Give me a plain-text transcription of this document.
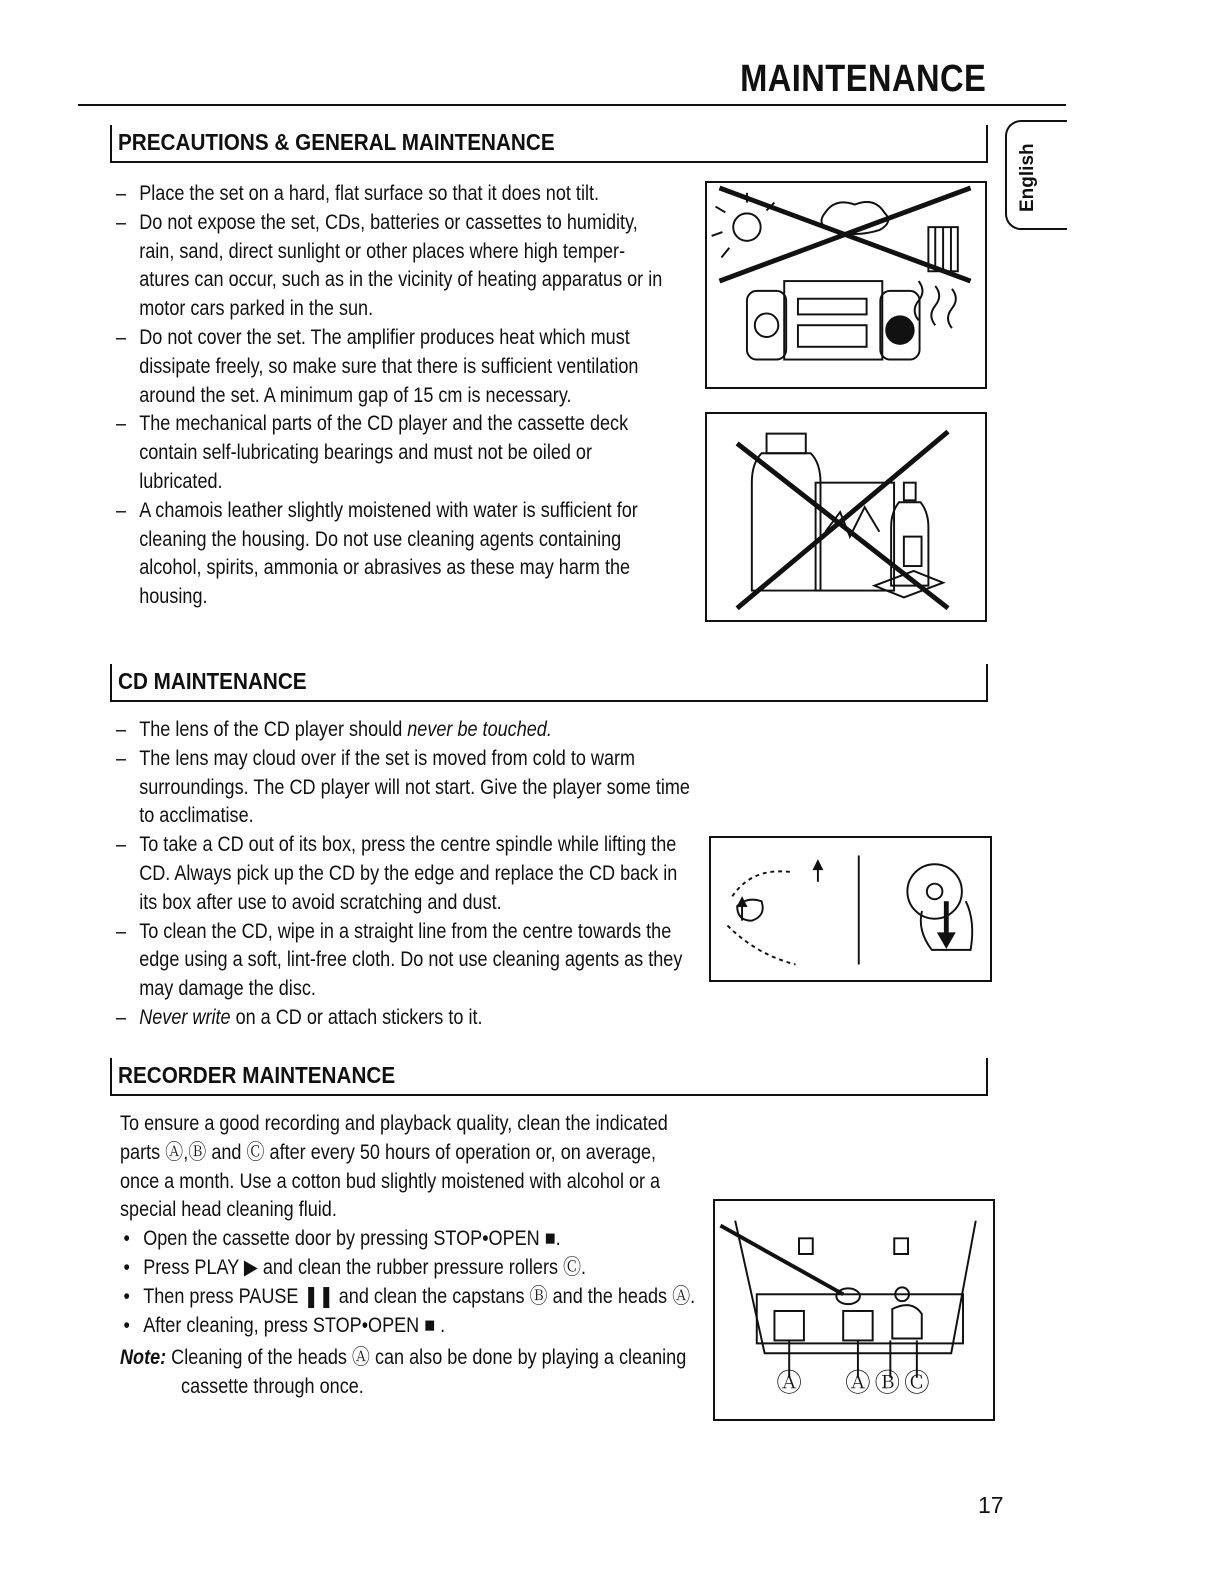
MAINTENANCE
English
PRECAUTIONS & GENERAL MAINTENANCE
– Place the set on a hard, flat surface so that it does not tilt.
– Do not expose the set, CDs, batteries or cassettes to humidity, rain, sand, direct sunlight or other places where high temper-atures can occur, such as in the vicinity of heating apparatus or in motor cars parked in the sun.
– Do not cover the set. The amplifier produces heat which must dissipate freely, so make sure that there is sufficient ventilation around the set. A minimum gap of 15 cm is necessary.
– The mechanical parts of the CD player and the cassette deck contain self-lubricating bearings and must not be oiled or lubricated.
– A chamois leather slightly moistened with water is sufficient for cleaning the housing. Do not use cleaning agents containing alcohol, spirits, ammonia or abrasives as these may harm the housing.
CD MAINTENANCE
– The lens of the CD player should never be touched.
– The lens may cloud over if the set is moved from cold to warm surroundings. The CD player will not start. Give the player some time to acclimatise.
– To take a CD out of its box, press the centre spindle while lifting the CD. Always pick up the CD by the edge and replace the CD back in its box after use to avoid scratching and dust.
– To clean the CD, wipe in a straight line from the centre towards the edge using a soft, lint-free cloth. Do not use cleaning agents as they may damage the disc.
– Never write on a CD or attach stickers to it.
RECORDER MAINTENANCE
To ensure a good recording and playback quality, clean the indicated parts Ⓐ,Ⓑ and Ⓒ after every 50 hours of operation or, on average, once a month. Use a cotton bud slightly moistened with alcohol or a special head cleaning fluid.
• Open the cassette door by pressing STOP•OPEN ■.
• Press PLAY ▶ and clean the rubber pressure rollers Ⓒ.
• Then press PAUSE ❚❚ and clean the capstans Ⓑ and the heads Ⓐ.
• After cleaning, press STOP•OPEN ■ .
Note: Cleaning of the heads Ⓐ can also be done by playing a cleaning cassette through once.	Ⓐ Ⓐ Ⓑ Ⓒ
17
